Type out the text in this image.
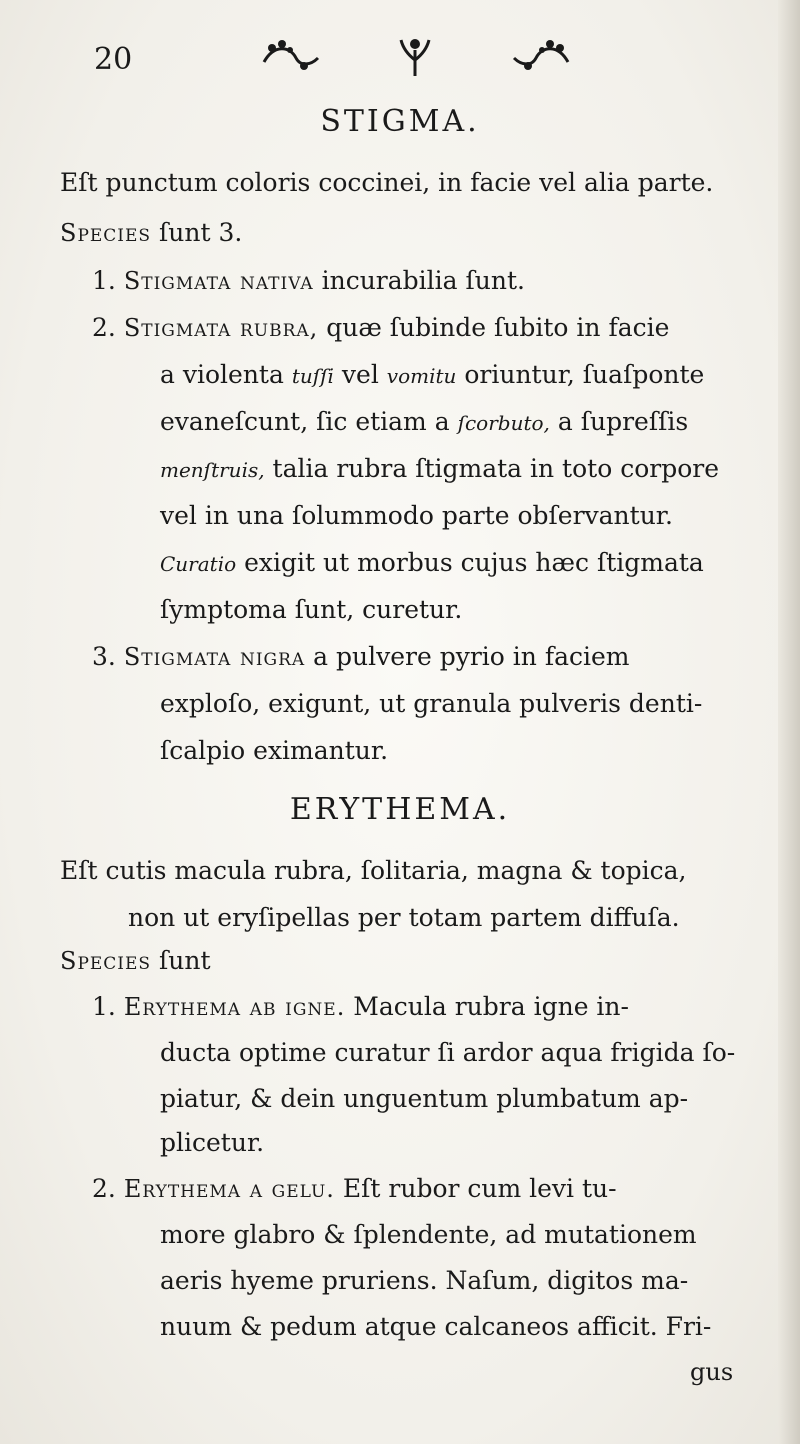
20
STIGMA.
Eſt punctum coloris coccinei, in facie vel alia parte.
Species ſunt 3.
1. Stigmata nativa incurabilia ſunt.
2. Stigmata rubra, quæ ſubinde ſubito in facie
a violenta tuſſi vel vomitu oriuntur, ſuaſponte
evaneſcunt, ſic etiam a ſcorbuto, a ſupreſſis
menſtruis, talia rubra ſtigmata in toto corpore
vel in una ſolummodo parte obſervantur.
Curatio exigit ut morbus cujus hæc ſtigmata
ſymptoma ſunt, curetur.
3. Stigmata nigra a pulvere pyrio in faciem
exploſo, exigunt, ut granula pulveris denti-
ſcalpio eximantur.
ERYTHEMA.
Eſt cutis macula rubra, ſolitaria, magna & topica,
non ut eryſipellas per totam partem diffuſa.
Species ſunt
1. Erythema ab igne. Macula rubra igne in-
ducta optime curatur ſi ardor aqua frigida ſo-
piatur, & dein unguentum plumbatum ap-
plicetur.
2. Erythema a gelu. Eſt rubor cum levi tu-
more glabro & ſplendente, ad mutationem
aeris hyeme pruriens. Naſum, digitos ma-
nuum & pedum atque calcaneos afficit. Fri-
gus
